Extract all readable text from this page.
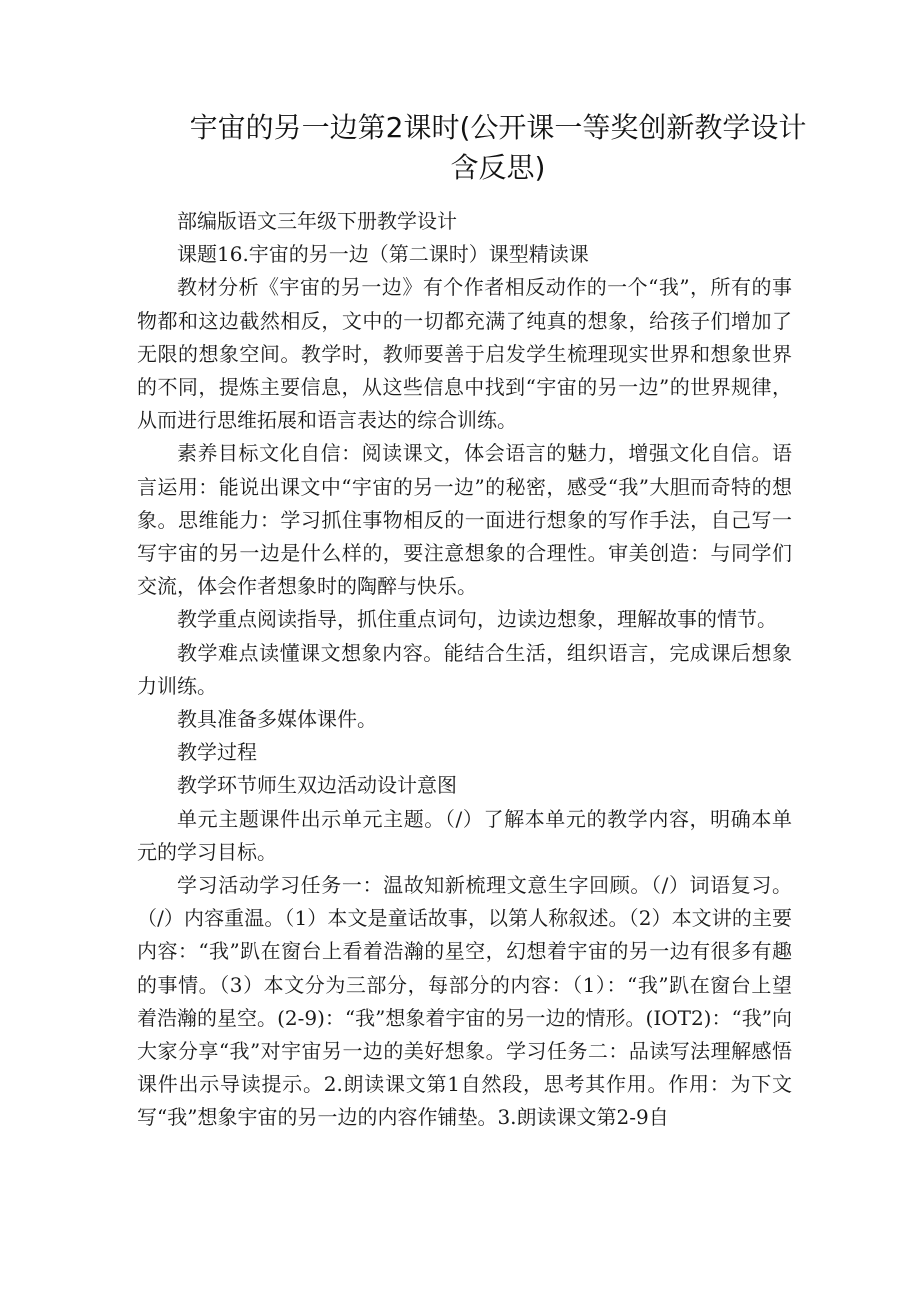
宇宙的另一边第2课时(公开课一等奖创新教学设计含反思)

部编版语文三年级下册教学设计

课题16.宇宙的另一边（第二课时）课型精读课

教材分析《宇宙的另一边》有个作者相反动作的一个“我”，所有的事物都和这边截然相反，文中的一切都充满了纯真的想象，给孩子们增加了无限的想象空间。教学时，教师要善于启发学生梳理现实世界和想象世界的不同，提炼主要信息，从这些信息中找到“宇宙的另一边”的世界规律，从而进行思维拓展和语言表达的综合训练。

素养目标文化自信：阅读课文，体会语言的魅力，增强文化自信。语言运用：能说出课文中“宇宙的另一边”的秘密，感受“我”大胆而奇特的想象。思维能力：学习抓住事物相反的一面进行想象的写作手法，自己写一写宇宙的另一边是什么样的，要注意想象的合理性。审美创造：与同学们交流，体会作者想象时的陶醉与快乐。

教学重点阅读指导，抓住重点词句，边读边想象，理解故事的情节。

教学难点读懂课文想象内容。能结合生活，组织语言，完成课后想象力训练。

教具准备多媒体课件。

教学过程

教学环节师生双边活动设计意图

单元主题课件出示单元主题。（/）了解本单元的教学内容，明确本单元的学习目标。

学习活动学习任务一：温故知新梳理文意生字回顾。（/）词语复习。（/）内容重温。（1）本文是童话故事，以第人称叙述。（2）本文讲的主要内容：“我”趴在窗台上看着浩瀚的星空，幻想着宇宙的另一边有很多有趣的事情。（3）本文分为三部分，每部分的内容：（1）：“我”趴在窗台上望着浩瀚的星空。(2-9)：“我”想象着宇宙的另一边的情形。(IOT2)：“我”向大家分享“我”对宇宙另一边的美好想象。学习任务二：品读写法理解感悟课件出示导读提示。2.朗读课文第1自然段，思考其作用。作用：为下文写“我”想象宇宙的另一边的内容作铺垫。3.朗读课文第2-9自
